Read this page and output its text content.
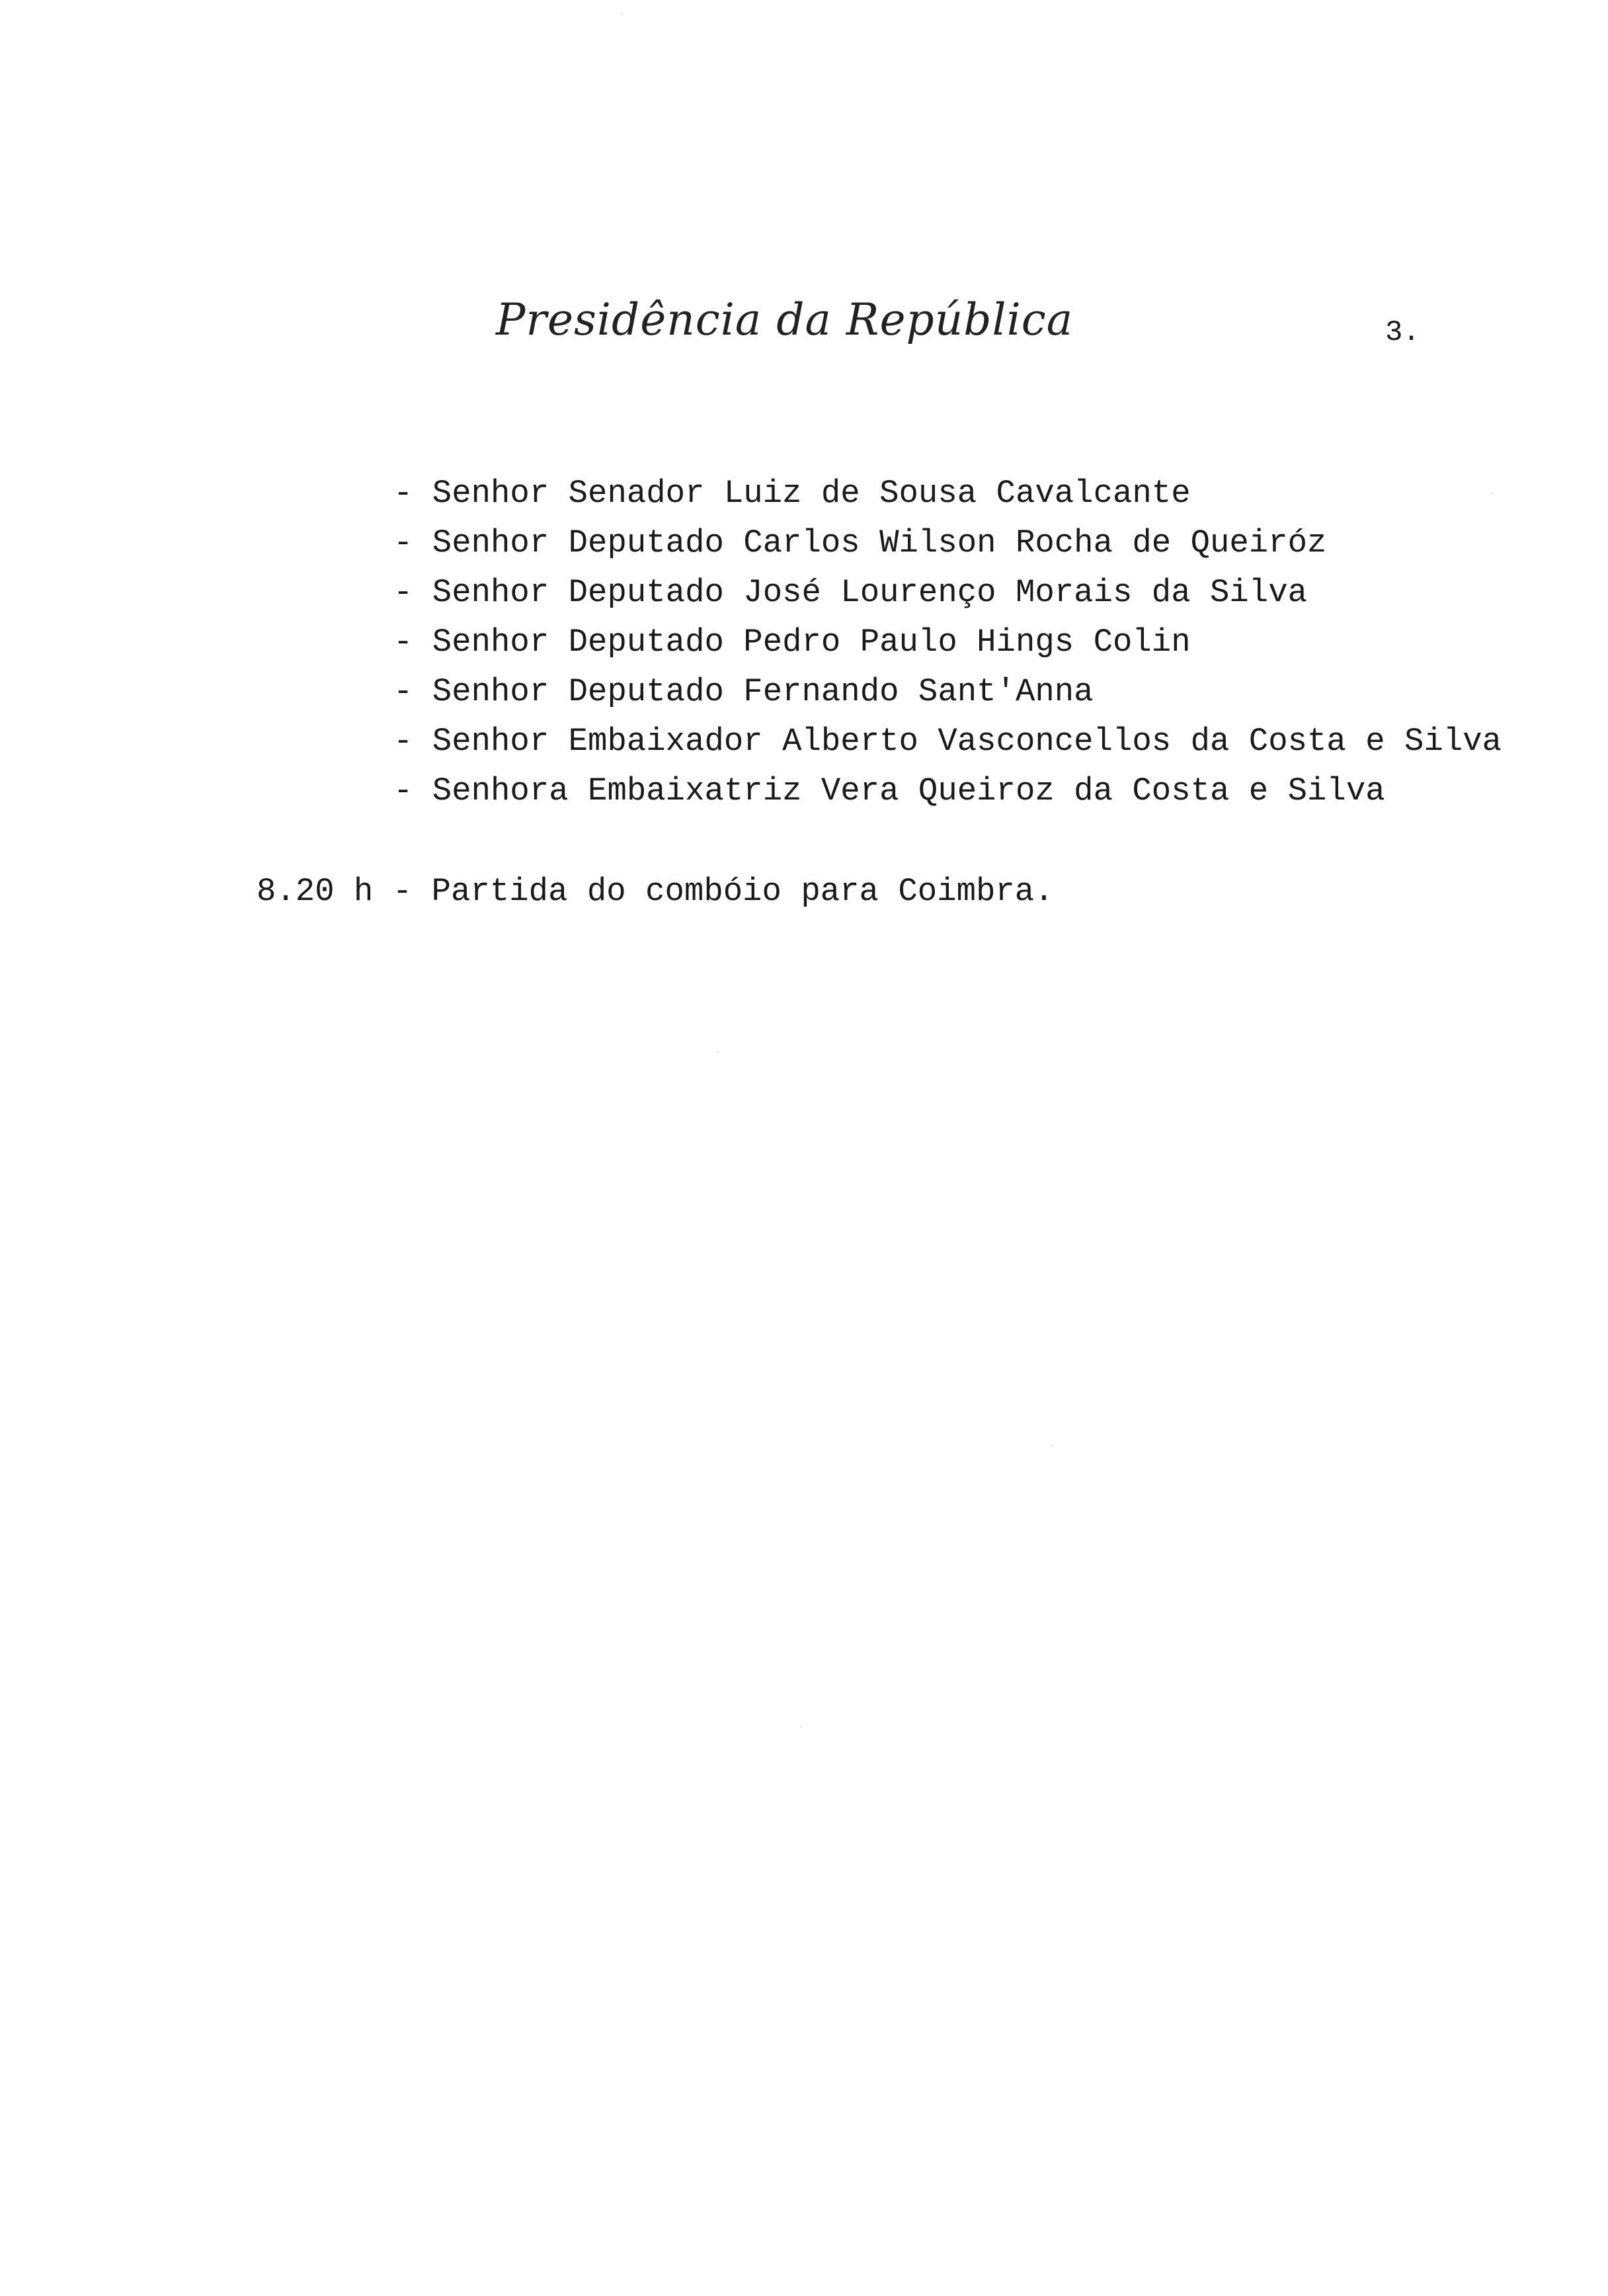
Presidência da República	3.
- Senhor Senador Luiz de Sousa Cavalcante
- Senhor Deputado Carlos Wilson Rocha de Queiróz
- Senhor Deputado José Lourenço Morais da Silva
- Senhor Deputado Pedro Paulo Hings Colin
- Senhor Deputado Fernando Sant'Anna
- Senhor Embaixador Alberto Vasconcellos da Costa e Silva
- Senhora Embaixatriz Vera Queiroz da Costa e Silva
8.20 h - Partida do combóio para Coimbra.
